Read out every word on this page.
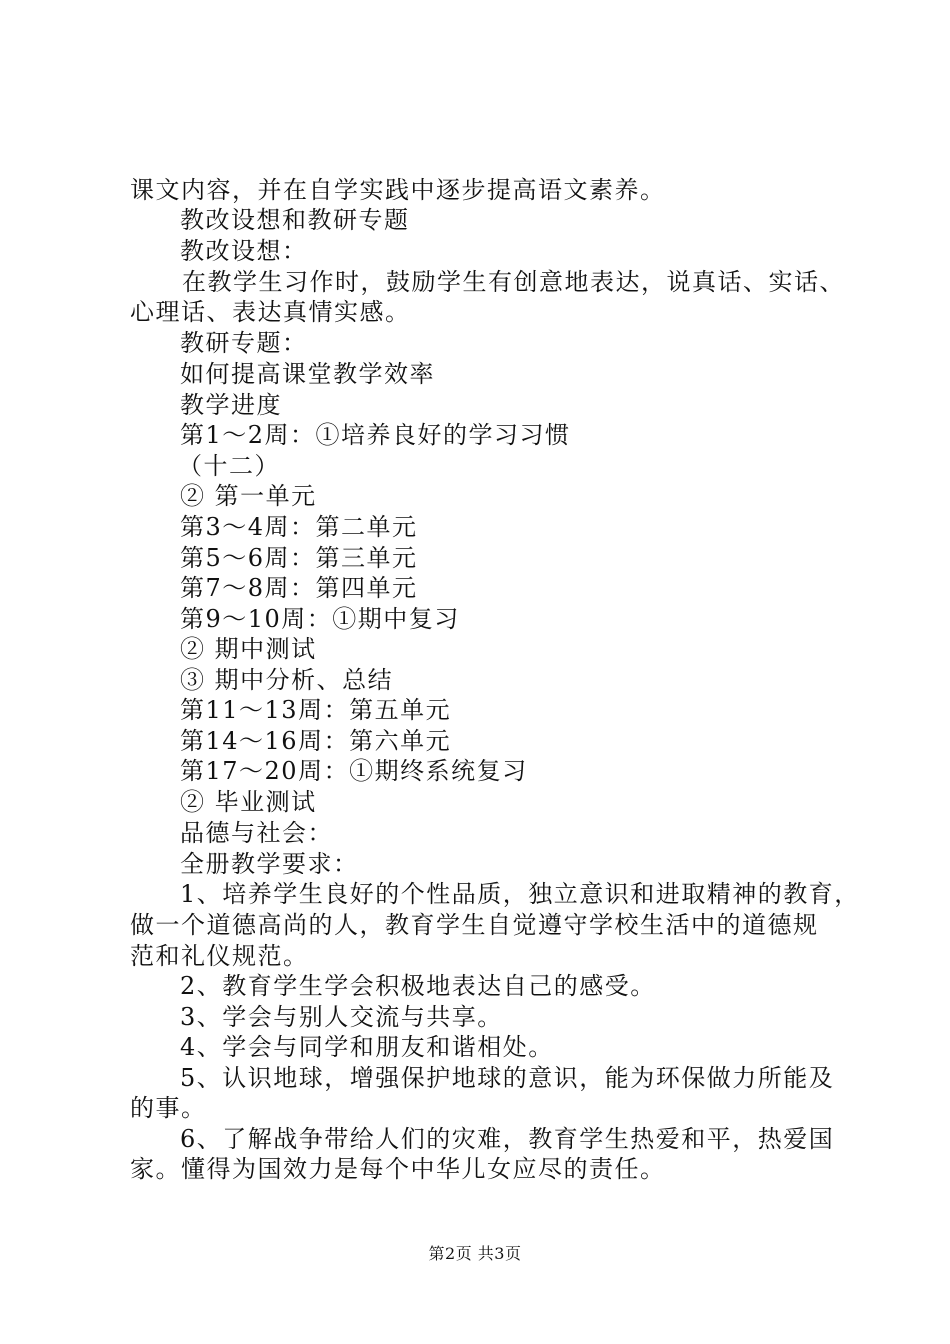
课文内容，并在自学实践中逐步提高语文素养。
教改设想和教研专题
教改设想：
在教学生习作时，鼓励学生有创意地表达，说真话、实话、
心理话、表达真情实感。
教研专题：
如何提高课堂教学效率
教学进度
第1～2周：①培养良好的学习习惯
（十二）
② 第一单元
第3～4周：第二单元
第5～6周：第三单元
第7～8周：第四单元
第9～10周：①期中复习
② 期中测试
③ 期中分析、总结
第11～13周：第五单元
第14～16周：第六单元
第17～20周：①期终系统复习
② 毕业测试
品德与社会：
全册教学要求：
1、培养学生良好的个性品质，独立意识和进取精神的教育，
做一个道德高尚的人，教育学生自觉遵守学校生活中的道德规
范和礼仪规范。
2、教育学生学会积极地表达自己的感受。
3、学会与别人交流与共享。
4、学会与同学和朋友和谐相处。
5、认识地球，增强保护地球的意识，能为环保做力所能及
的事。
6、了解战争带给人们的灾难，教育学生热爱和平，热爱国
家。懂得为国效力是每个中华儿女应尽的责任。
第2页 共3页
